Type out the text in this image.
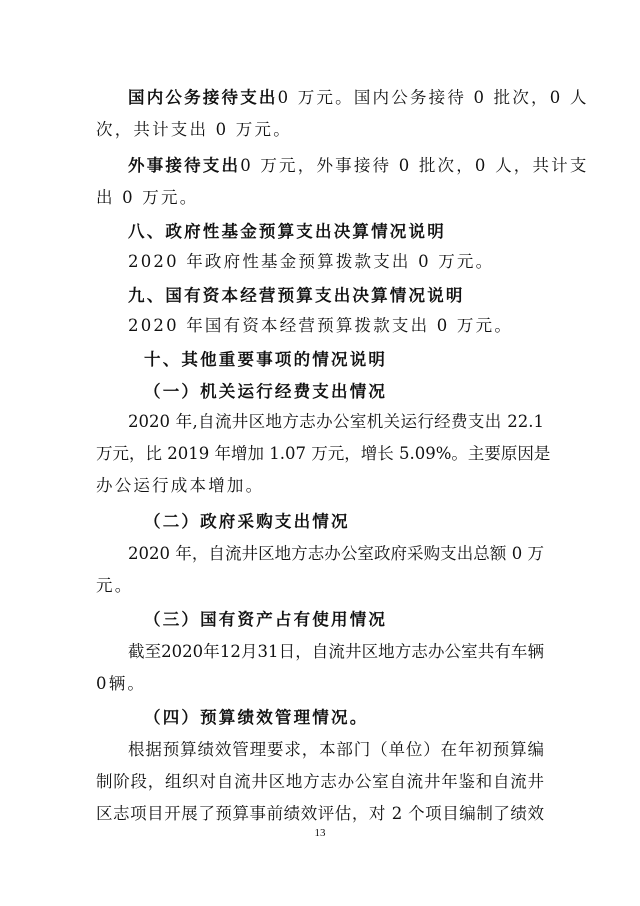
国内公务接待支出0 万元。国内公务接待 0 批次，0 人
次，共计支出 0 万元。
外事接待支出0 万元，外事接待 0 批次，0 人，共计支
出 0 万元。
八、政府性基金预算支出决算情况说明
2020 年政府性基金预算拨款支出 0 万元。
九、国有资本经营预算支出决算情况说明
2020 年国有资本经营预算拨款支出 0 万元。
十、其他重要事项的情况说明
（一）机关运行经费支出情况
2020 年,自流井区地方志办公室机关运行经费支出 22.1
万元，比 2019 年增加 1.07 万元，增长 5.09%。主要原因是
办公运行成本增加。
（二）政府采购支出情况
2020 年，自流井区地方志办公室政府采购支出总额 0 万
元。
（三）国有资产占有使用情况
截至2020年12月31日，自流井区地方志办公室共有车辆
0辆。
（四）预算绩效管理情况。
根据预算绩效管理要求，本部门（单位）在年初预算编
制阶段，组织对自流井区地方志办公室自流井年鉴和自流井
区志项目开展了预算事前绩效评估，对 2 个项目编制了绩效
13
